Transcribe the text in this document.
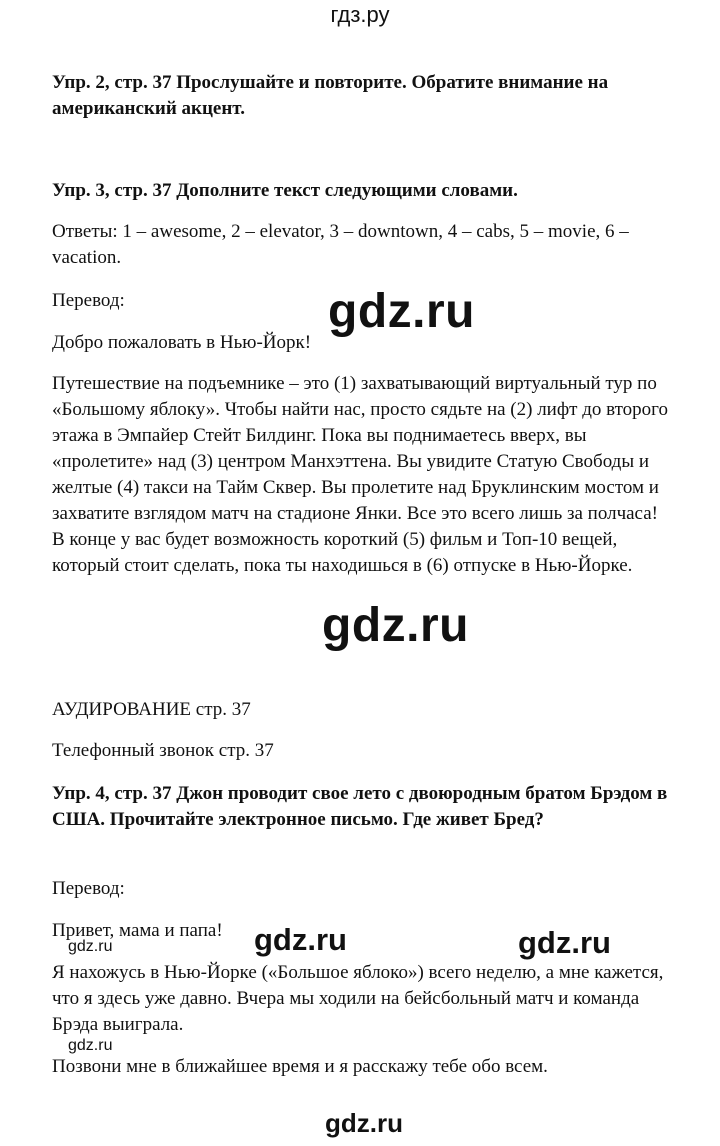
гдз.ру

Упр. 2, стр. 37 Прослушайте и повторите. Обратите внимание на американский акцент.

Упр. 3, стр. 37 Дополните текст следующими словами.

Ответы: 1 – awesome, 2 – elevator, 3 – downtown, 4 – cabs, 5 – movie, 6 – vacation.

Перевод:

Добро пожаловать в Нью-Йорк!

Путешествие на подъемнике – это (1) захватывающий виртуальный тур по «Большому яблоку». Чтобы найти нас, просто сядьте на (2) лифт до второго этажа в Эмпайер Стейт Билдинг. Пока вы поднимаетесь вверх, вы «пролетите» над (3) центром Манхэттена. Вы увидите Статую Свободы и желтые (4) такси на Тайм Сквер. Вы пролетите над Бруклинским мостом и захватите взглядом матч на стадионе Янки. Все это всего лишь за полчаса! В конце у вас будет возможность короткий (5) фильм и Топ-10 вещей, который стоит сделать, пока ты находишься в (6) отпуске в Нью-Йорке.

АУДИРОВАНИЕ стр. 37

Телефонный звонок стр. 37

Упр. 4, стр. 37 Джон проводит свое лето с двоюродным братом Брэдом в США. Прочитайте электронное письмо. Где живет Бред?

Перевод:

Привет, мама и папа!

Я нахожусь в Нью-Йорке («Большое яблоко») всего неделю, а мне кажется, что я здесь уже давно. Вчера мы ходили на бейсбольный матч и команда Брэда выиграла.

Позвони мне в ближайшее время и я расскажу тебе обо всем.

gdz.ru
gdz.ru
gdz.ru	gdz.ru
gdz.ru
gdz.ru
gdz.ru
